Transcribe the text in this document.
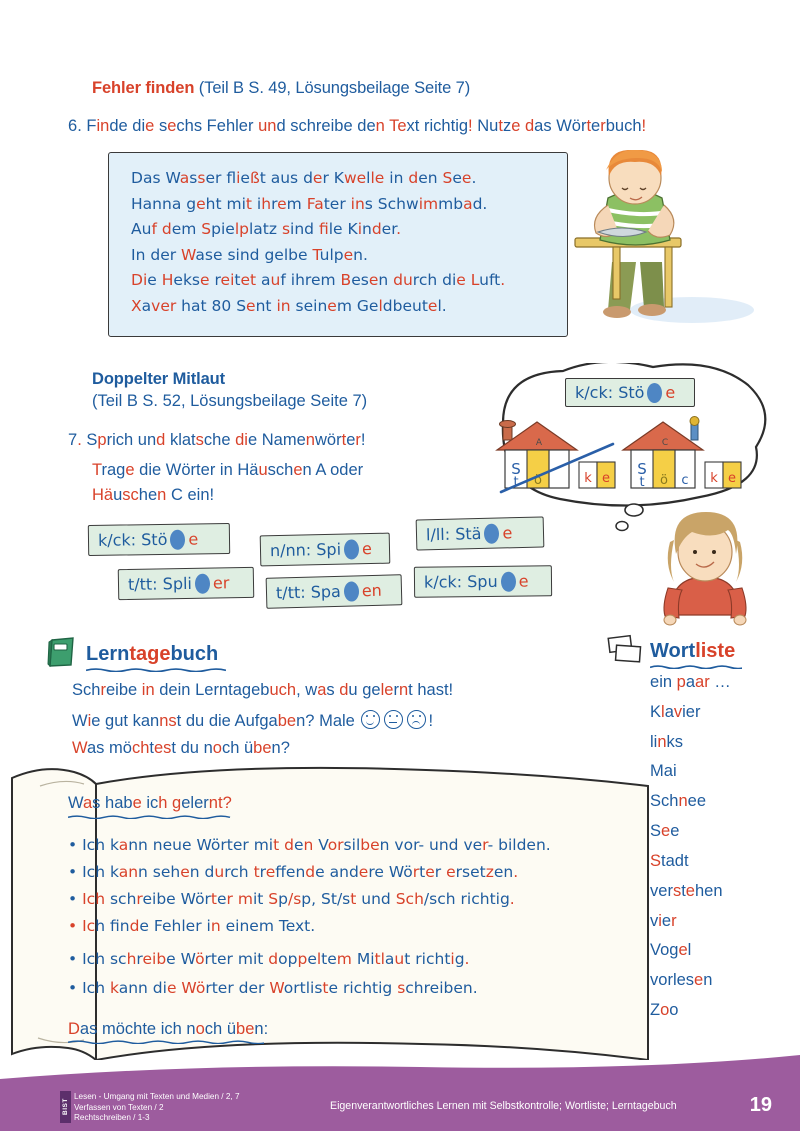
Fehler finden (Teil B S. 49, Lösungsbeilage Seite 7)
6. Finde die sechs Fehler und schreibe den Text richtig! Nutze das Wörterbuch!
Das Wasser fießt aus der Kwelle in den See.
Hanna geht mit ihrem Fater ins Schwimmbad.
Auf dem Spielplatz sind fle Kinder.
In der Wase sind gelbe Tulpen.
Die Hekse reitet auf ihrem Besen durch die Luft.
Xaver hat 80 Sent in seinem Geldbeutel.
Doppelter Mitlaut
(Teil B S. 52, Lösungsbeilage Seite 7)
7. Sprich und klatsche die Namenwörter!
Trage die Wörter in Häuschen A oder
Häuschen C ein!
k/ck: Stö e
A
S
t ö	k e
C
S
t ö c k e
k/ck: Stö e
n/nn: Spi e
l/ll: Stä e
t/tt: Spli er	t/tt: Spa en	k/ck: Spu e
Lerntagebuch
Schreibe in dein Lerntagebuch, was du gelernt hast!
Wie gut kannst du die Aufgaben? Male	!
Was möchtest du noch üben?
Wortliste
ein paar …
Klavier
links
Mai
Schnee
See
Stadt
verstehen
vier
Vogel
vorlesen
Zoo
Was habe ich gelernt?
• Ich kann neue Wörter mit den Vorsilben vor- und ver- bilden.
• Ich kann sehen durch trefende andere Wörter ersetzen.
• Ich schreibe Wörter mit Sp/sp, St/st und Sch/sch richtig.
• Ich fnde Fehler in einem Text.
• Ich schreibe Wörter mit doppeltem Mitlaut richtig.
• Ich kann die Wörter der Wortliste richtig schreiben.
Das möchte ich noch üben:
BIST
Lesen - Umgang mit Texten und Medien / 2, 7
Verfassen von Texten / 2
Rechtschreiben / 1-3
Eigenverantwortliches Lernen mit Selbstkontrolle; Wortliste; Lerntagebuch	19
